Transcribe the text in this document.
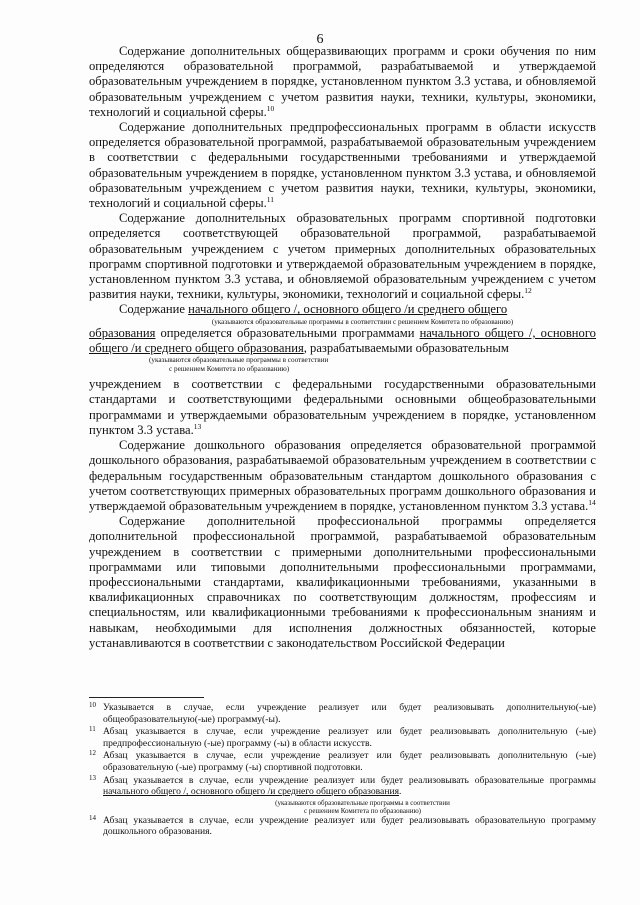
6

Содержание дополнительных общеразвивающих программ и сроки обучения по ним определяются образовательной программой, разрабатываемой и утверждаемой образовательным учреждением в порядке, установленном пунктом 3.3 устава, и обновляемой образовательным учреждением с учетом развития науки, техники, культуры, экономики, технологий и социальной сферы.$^{10}$

Содержание дополнительных предпрофессиональных программ в области искусств определяется образовательной программой, разрабатываемой образовательным учреждением в соответствии с федеральными государственными требованиями и утверждаемой образовательным учреждением в порядке, установленном пунктом 3.3 устава, и обновляемой образовательным учреждением с учетом развития науки, техники, культуры, экономики, технологий и социальной сферы.$^{11}$

Содержание дополнительных образовательных программ спортивной подготовки определяется соответствующей образовательной программой, разрабатываемой образовательным учреждением с учетом примерных дополнительных образовательных программ спортивной подготовки и утверждаемой образовательным учреждением в порядке, установленном пунктом 3.3 устава, и обновляемой образовательным учреждением с учетом развития науки, техники, культуры, экономики, технологий и социальной сферы.$^{12}$

Содержание начального общего /, основного общего /и среднего общего

(указываются образовательные программы в соответствии с решением Комитета по образованию)

образования определяется образовательными программами начального общего /, основного общего /и среднего общего образования, разрабатываемыми образовательным

(указываются образовательные программы в соответствии
с решением Комитета по образованию)

учреждением в соответствии с федеральными государственными образовательными стандартами и соответствующими федеральными основными общеобразовательными программами и утверждаемыми образовательным учреждением в порядке, установленном пунктом 3.3 устава.$^{13}$

Содержание дошкольного образования определяется образовательной программой дошкольного образования, разрабатываемой образовательным учреждением в соответствии с федеральным государственным образовательным стандартом дошкольного образования с учетом соответствующих примерных образовательных программ дошкольного образования и утверждаемой образовательным учреждением в порядке, установленном пунктом 3.3 устава.$^{14}$

Содержание дополнительной профессиональной программы определяется дополнительной профессиональной программой, разрабатываемой образовательным учреждением в соответствии с примерными дополнительными профессиональными программами или типовыми дополнительными профессиональными программами, профессиональными стандартами, квалификационными требованиями, указанными в квалификационных справочниках по соответствующим должностям, профессиям и специальностям, или квалификационными требованиями к профессиональным знаниям и навыкам, необходимыми для исполнения должностных обязанностей, которые устанавливаются в соответствии с законодательством Российской Федерации

10 Указывается в случае, если учреждение реализует или будет реализовывать дополнительную(-ые) общеобразовательную(-ые) программу(-ы).

11 Абзац указывается в случае, если учреждение реализует или будет реализовывать дополнительную (-ые) предпрофессиональную (-ые) программу (-ы) в области искусств.

12 Абзац указывается в случае, если учреждение реализует или будет реализовывать дополнительную (-ые) образовательную (-ые) программу (-ы) спортивной подготовки.

13 Абзац указывается в случае, если учреждение реализует или будет реализовывать образовательные программы начального общего /, основного общего /и среднего общего образования.

(указываются образовательные программы в соответствии
с решением Комитета по образованию)

14 Абзац указывается в случае, если учреждение реализует или будет реализовывать образовательную программу дошкольного образования.
